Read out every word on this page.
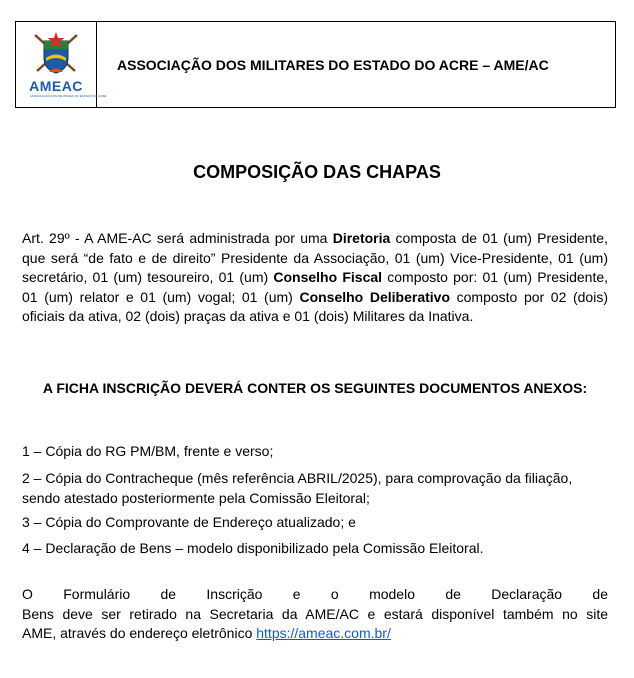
AMEAC
ASSOCIAÇÃO DOS MILITARES DO ESTADO DO ACRE
ASSOCIAÇÃO DOS MILITARES DO ESTADO DO ACRE – AME/AC
COMPOSIÇÃO DAS CHAPAS
Art. 29º - A AME-AC será administrada por uma Diretoria composta de 01 (um) Presidente, que será “de fato e de direito” Presidente da Associação, 01 (um) Vice-Presidente, 01 (um) secretário, 01 (um) tesoureiro, 01 (um) Conselho Fiscal composto por: 01 (um) Presidente, 01 (um) relator e 01 (um) vogal; 01 (um) Conselho Deliberativo composto por 02 (dois) oficiais da ativa, 02 (dois) praças da ativa e 01 (dois) Militares da Inativa.
A FICHA INSCRIÇÃO DEVERÁ CONTER OS SEGUINTES DOCUMENTOS ANEXOS:
1 – Cópia do RG PM/BM, frente e verso;
2 – Cópia do Contracheque (mês referência ABRIL/2025), para comprovação da filiação, sendo atestado posteriormente pela Comissão Eleitoral;
3 – Cópia do Comprovante de Endereço atualizado; e
4 – Declaração de Bens – modelo disponibilizado pela Comissão Eleitoral.
O Formulário de Inscrição e o modelo de Declaração de
Bens deve ser retirado na Secretaria da AME/AC e estará disponível também no site
AME, através do endereço eletrônico https://ameac.com.br/
